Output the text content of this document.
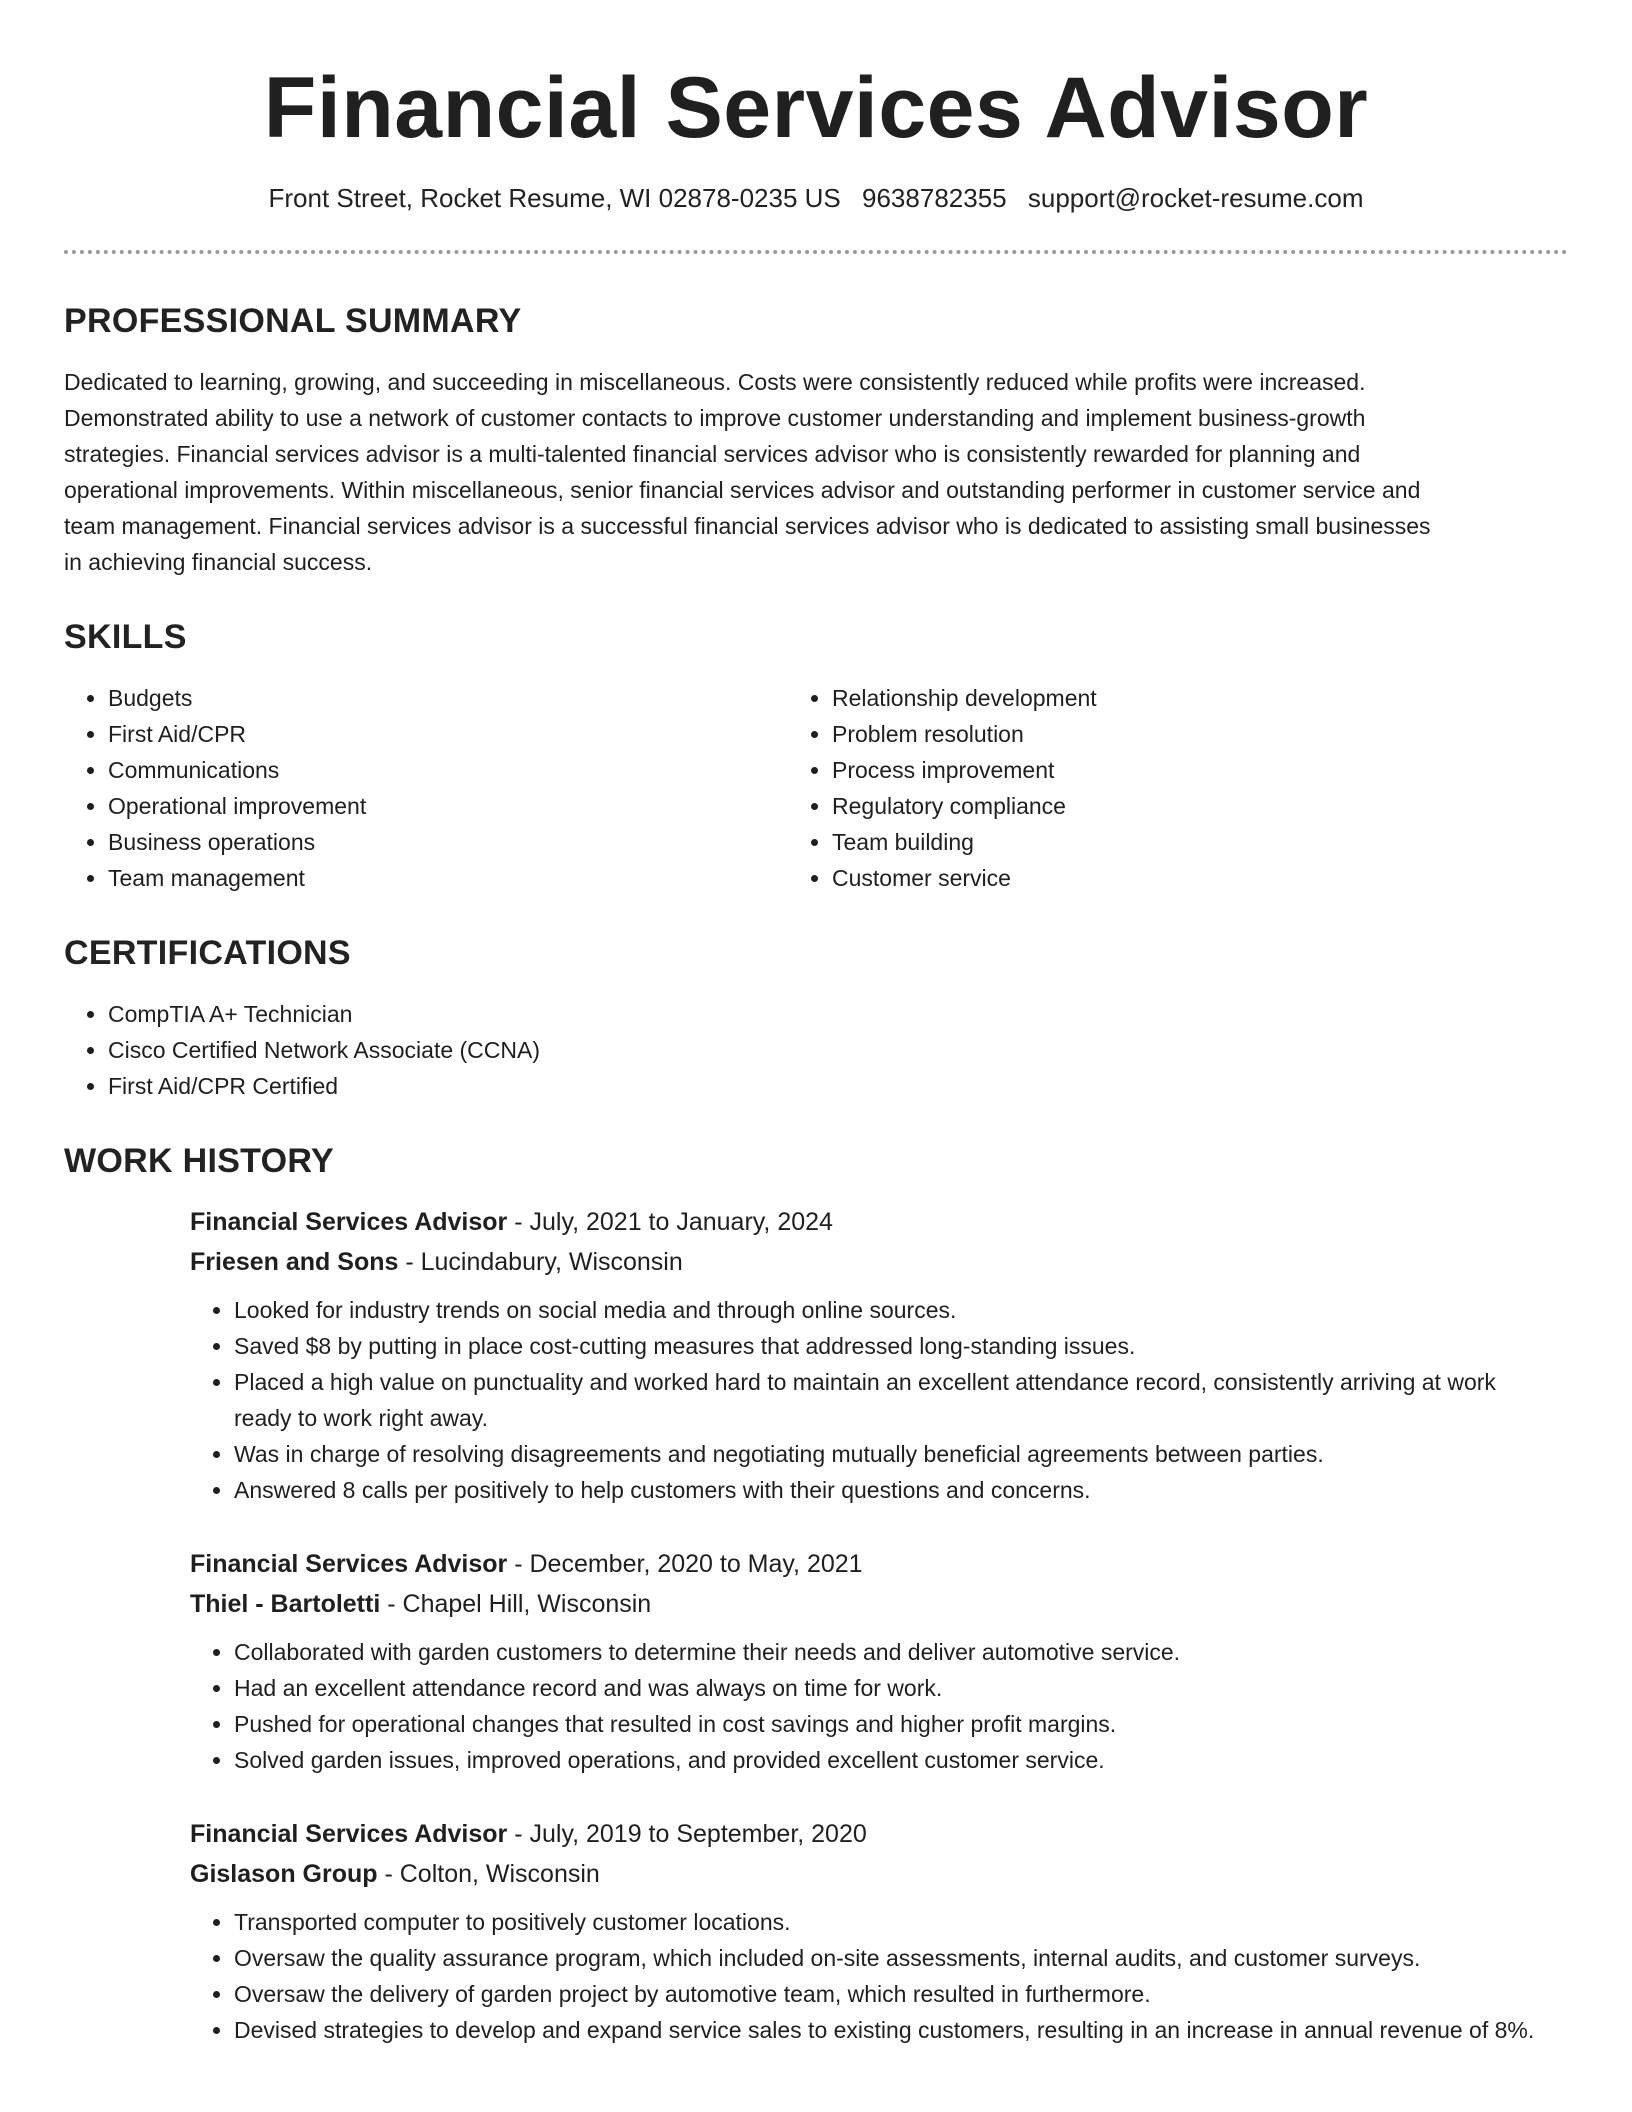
Financial Services Advisor
Front Street, Rocket Resume, WI 02878-0235 US 9638782355 support@rocket-resume.com
PROFESSIONAL SUMMARY
Dedicated to learning, growing, and succeeding in miscellaneous. Costs were consistently reduced while profits were increased. Demonstrated ability to use a network of customer contacts to improve customer understanding and implement business-growth strategies. Financial services advisor is a multi-talented financial services advisor who is consistently rewarded for planning and operational improvements. Within miscellaneous, senior financial services advisor and outstanding performer in customer service and team management. Financial services advisor is a successful financial services advisor who is dedicated to assisting small businesses in achieving financial success.
SKILLS
• Budgets
• First Aid/CPR
• Communications
• Operational improvement
• Business operations
• Team management
• Relationship development
• Problem resolution
• Process improvement
• Regulatory compliance
• Team building
• Customer service
CERTIFICATIONS
• CompTIA A+ Technician
• Cisco Certified Network Associate (CCNA)
• First Aid/CPR Certified
WORK HISTORY
Financial Services Advisor - July, 2021 to January, 2024
Friesen and Sons - Lucindabury, Wisconsin
• Looked for industry trends on social media and through online sources.
• Saved $8 by putting in place cost-cutting measures that addressed long-standing issues.
• Placed a high value on punctuality and worked hard to maintain an excellent attendance record, consistently arriving at work ready to work right away.
• Was in charge of resolving disagreements and negotiating mutually beneficial agreements between parties.
• Answered 8 calls per positively to help customers with their questions and concerns.
Financial Services Advisor - December, 2020 to May, 2021
Thiel - Bartoletti - Chapel Hill, Wisconsin
• Collaborated with garden customers to determine their needs and deliver automotive service.
• Had an excellent attendance record and was always on time for work.
• Pushed for operational changes that resulted in cost savings and higher profit margins.
• Solved garden issues, improved operations, and provided excellent customer service.
Financial Services Advisor - July, 2019 to September, 2020
Gislason Group - Colton, Wisconsin
• Transported computer to positively customer locations.
• Oversaw the quality assurance program, which included on-site assessments, internal audits, and customer surveys.
• Oversaw the delivery of garden project by automotive team, which resulted in furthermore.
• Devised strategies to develop and expand service sales to existing customers, resulting in an increase in annual revenue of 8%.
